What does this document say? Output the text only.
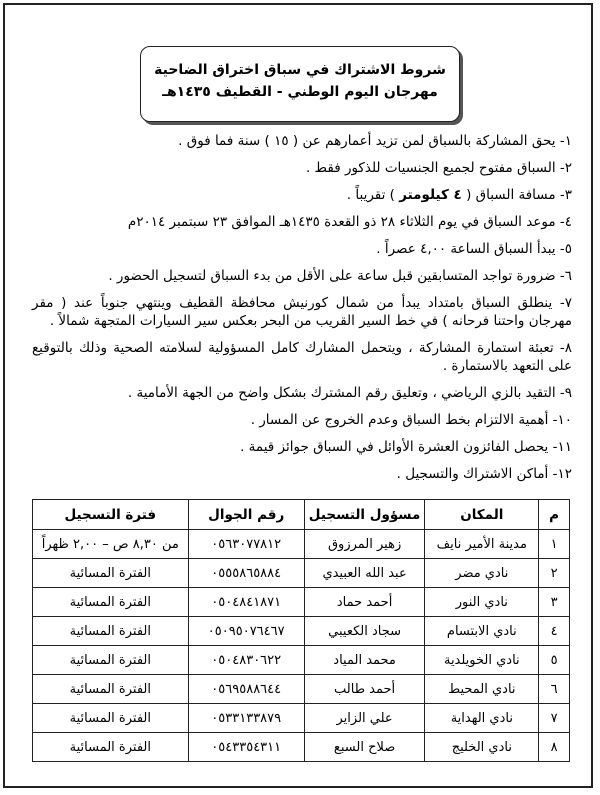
شروط الاشتراك في سباق اختراق الضاحية
مهرجان اليوم الوطني - القطيف ١٤٣٥هـ
١- يحق المشاركة بالسباق لمن تزيد أعمارهم عن ( ١٥ ) سنة فما فوق .
٢- السباق مفتوح لجميع الجنسيات للذكور فقط .
٣- مسافة السباق ( ٤ كيلومتر ) تقريباً .
٤- موعد السباق في يوم الثلاثاء ٢٨ ذو القعدة ١٤٣٥هـ الموافق ٢٣ سبتمبر ٢٠١٤م
٥- يبدأ السباق الساعة ٤,٠٠ عصراً .
٦- ضرورة تواجد المتسابقين قبل ساعة على الأقل من بدء السباق لتسجيل الحضور .
٧- ينطلق السباق بامتداد يبدأ من شمال كورنيش محافظة القطيف وينتهي جنوباً عند ( مقر مهرجان واحتنا فرحانه ) في خط السير القريب من البحر بعكس سير السيارات المتجهة شمالاً .
٨- تعبئة استمارة المشاركة ، ويتحمل المشارك كامل المسؤولية لسلامته الصحية وذلك بالتوقيع على التعهد بالاستمارة .
٩- التقيد بالزي الرياضي ، وتعليق رقم المشترك بشكل واضح من الجهة الأمامية .
١٠- أهمية الالتزام بخط السباق وعدم الخروج عن المسار .
١١- يحصل الفائزون العشرة الأوائل في السباق جوائز قيمة .
١٢- أماكن الاشتراك والتسجيل .
م	المكان	مسؤول التسجيل	رقم الجوال	فترة التسجيل
١	مدينة الأمير نايف	زهير المرزوق	٠٥٦٣٠٧٧٨١٢	من ٨,٣٠ ص – ٢,٠٠ ظهراً
٢	نادي مضر	عبد الله العبيدي	٠٥٥٥٨٦٥٨٨٤	الفترة المسائية
٣	نادي النور	أحمد حماد	٠٥٠٤٨٤١٨٧١	الفترة المسائية
٤	نادي الابتسام	سجاد الكعيبي	٠٥٠٩٥٠٧٦٤٦٧	الفترة المسائية
٥	نادي الخويلدية	محمد المياد	٠٥٠٤٨٣٠٦٢٢	الفترة المسائية
٦	نادي المحيط	أحمد طالب	٠٥٦٩٥٨٨٦٤٤	الفترة المسائية
٧	نادي الهداية	علي الزاير	٠٥٣٣١٣٣٨٧٩	الفترة المسائية
٨	نادي الخليج	صلاح السبع	٠٥٤٣٣٥٤٣١١	الفترة المسائية
